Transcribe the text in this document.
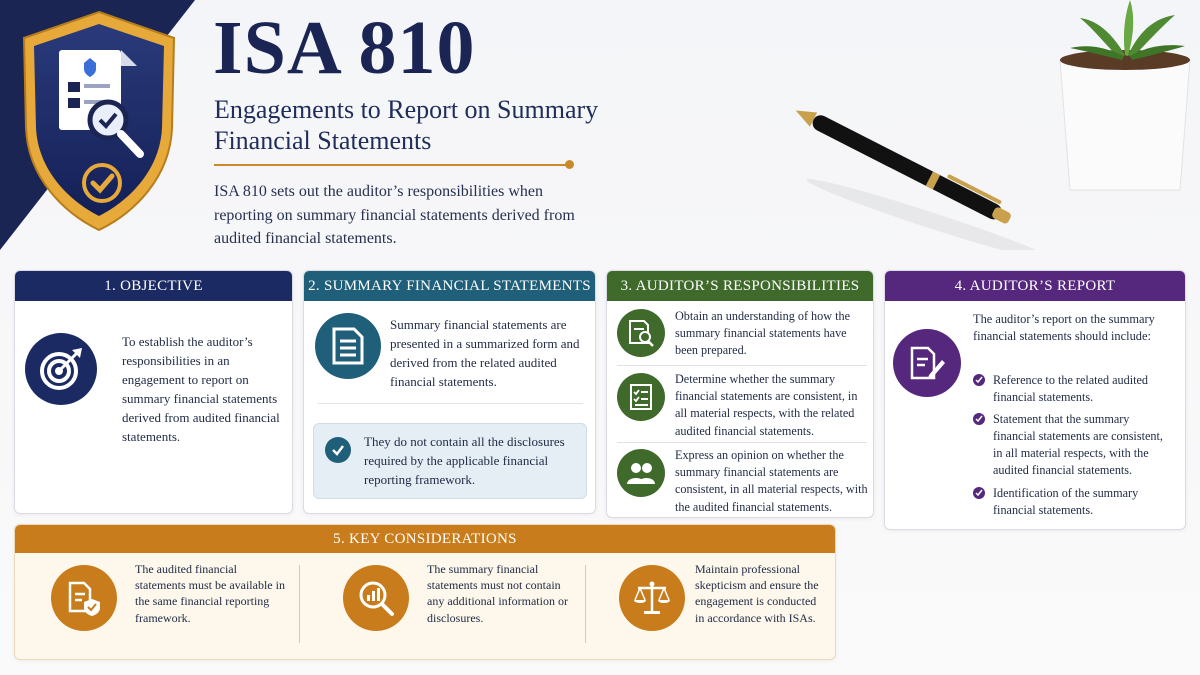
ISA 810
Engagements to Report on Summary Financial Statements
ISA 810 sets out the auditor’s responsibilities when reporting on summary financial statements derived from audited financial statements.
1. OBJECTIVE
To establish the auditor’s responsibilities in an engagement to report on summary financial statements derived from audited financial statements.
2. SUMMARY FINANCIAL STATEMENTS
Summary financial statements are presented in a summarized form and derived from the related audited financial statements.
They do not contain all the disclosures required by the applicable financial reporting framework.
3. AUDITOR’S RESPONSIBILITIES
Obtain an understanding of how the summary financial statements have been prepared.
Determine whether the summary financial statements are consistent, in all material respects, with the related audited financial statements.
Express an opinion on whether the summary financial statements are consistent, in all material respects, with the audited financial statements.
4. AUDITOR’S REPORT
The auditor’s report on the summary financial statements should include:
Reference to the related audited financial statements.
Statement that the summary financial statements are consistent, in all material respects, with the audited financial statements.
Identification of the summary financial statements.
5. KEY CONSIDERATIONS
The audited financial statements must be available in the same financial reporting framework.
The summary financial statements must not contain any additional information or disclosures.
Maintain professional skepticism and ensure the engagement is conducted in accordance with ISAs.
